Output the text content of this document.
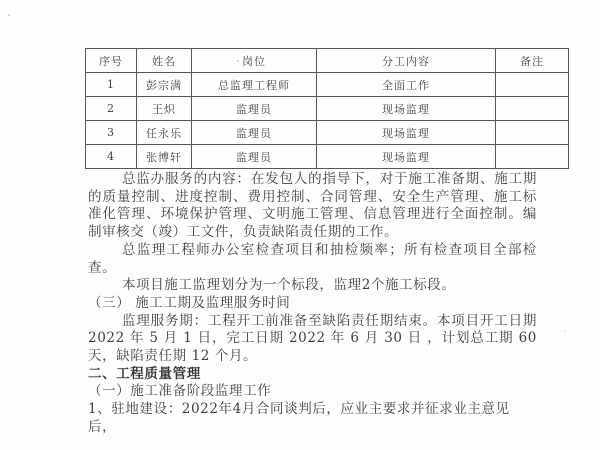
序号	姓名	岗位	分工内容	备注
1	彭宗满	总监理工程师	全面工作	
2	王炽	监理员	现场监理	
3	任永乐	监理员	现场监理	
4	张博轩	监理员	现场监理	

总监办服务的内容：在发包人的指导下，对于施工准备期、施工期的质量控制、进度控制、费用控制、合同管理、安全生产管理、施工标准化管理、环境保护管理、文明施工管理、信息管理进行全面控制。编制审核交（竣）工文件，负责缺陷责任期的工作。

总监理工程师办公室检查项目和抽检频率；所有检查项目全部检查。

本项目施工监理划分为一个标段，监理2个施工标段。

（三） 施工工期及监理服务时间

监理服务期：工程开工前准备至缺陷责任期结束。本项目开工日期 2022 年 5 月 1 日，完工日期 2022 年 6 月 30 日 ，计划总工期 60 天，缺陷责任期 12 个月。

二、工程质量管理

（一）施工准备阶段监理工作

1、驻地建设：2022年4月合同谈判后，应业主要求并征求业主意见后，
